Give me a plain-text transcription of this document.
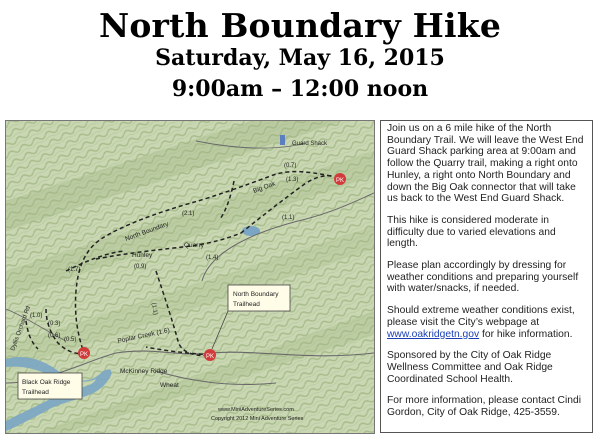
North Boundary Hike
Saturday, May 16, 2015
9:00am – 12:00 noon
PK
PK
PK
North Boundary
Trailhead
Black Oak Ridge
Trailhead
Guard Shack
(0.7)
North Boundary
(2.1)
Hunley
(0.9)
Quarry
(1.4)
Big Oak
(1.3)
(1.1)
(1.7)
(1.1)
Poplar Creek (1.6)
McKinney Ridge
Wheat
Dyllis Orchard Rd
(1.0)
(0.3)
(0.5)
(0.6)
www.MiniAdventureSeries.com
Copyright 2012 Mini Adventure Series

Join us on a 6 mile hike of the North Boundary Trail. We will leave the West End Guard Shack parking area at 9:00am and follow the Quarry trail, making a right onto Hunley, a right onto North Boundary and down the Big Oak connector that will take us back to the West End Guard Shack.

This hike is considered moderate in difficulty due to varied elevations and length.

Please plan accordingly by dressing for weather conditions and preparing yourself with water/snacks, if needed.

Should extreme weather conditions exist, please visit the City’s webpage at www.oakridgetn.gov for hike information.

Sponsored by the City of Oak Ridge Wellness Committee and Oak Ridge Coordinated School Health.

For more information, please contact Cindi Gordon, City of Oak Ridge, 425-3559.
